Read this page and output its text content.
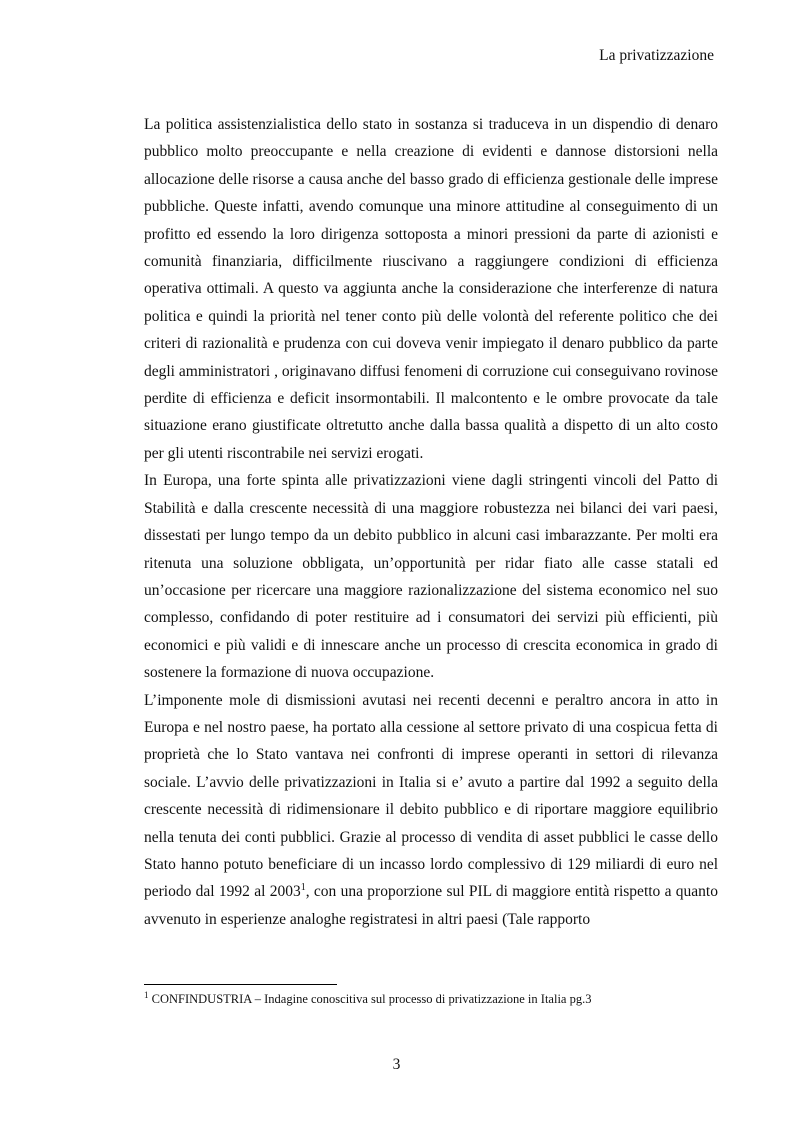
La privatizzazione

La politica assistenzialistica dello stato in sostanza si traduceva in un dispendio di denaro pubblico molto preoccupante e nella creazione di evidenti e dannose distorsioni nella allocazione delle risorse a causa anche del basso grado di efficienza gestionale delle imprese pubbliche. Queste infatti, avendo comunque una minore attitudine al conseguimento di un profitto ed essendo la loro dirigenza sottoposta a minori pressioni da parte di azionisti e comunità finanziaria, difficilmente riuscivano a raggiungere condizioni di efficienza operativa ottimali. A questo va aggiunta anche la considerazione che interferenze di natura politica e quindi la priorità nel tener conto più delle volontà del referente politico che dei criteri di razionalità e prudenza con cui doveva venir impiegato il denaro pubblico da parte degli amministratori , originavano diffusi fenomeni di corruzione cui conseguivano rovinose perdite di efficienza e deficit insormontabili. Il malcontento e le ombre provocate da tale situazione erano giustificate oltretutto anche dalla bassa qualità a dispetto di un alto costo per gli utenti riscontrabile nei servizi erogati.

In Europa, una forte spinta alle privatizzazioni viene dagli stringenti vincoli del Patto di Stabilità e dalla crescente necessità di una maggiore robustezza nei bilanci dei vari paesi, dissestati per lungo tempo da un debito pubblico in alcuni casi imbarazzante. Per molti era ritenuta una soluzione obbligata, un’opportunità per ridar fiato alle casse statali ed un’occasione per ricercare una maggiore razionalizzazione del sistema economico nel suo complesso, confidando di poter restituire ad i consumatori dei servizi più efficienti, più economici e più validi e di innescare anche un processo di crescita economica in grado di sostenere la formazione di nuova occupazione.

L’imponente mole di dismissioni avutasi nei recenti decenni e peraltro ancora in atto in Europa e nel nostro paese, ha portato alla cessione al settore privato di una cospicua fetta di proprietà che lo Stato vantava nei confronti di imprese operanti in settori di rilevanza sociale. L’avvio delle privatizzazioni in Italia si e’ avuto a partire dal 1992 a seguito della crescente necessità di ridimensionare il debito pubblico e di riportare maggiore equilibrio nella tenuta dei conti pubblici. Grazie al processo di vendita di asset pubblici le casse dello Stato hanno potuto beneficiare di un incasso lordo complessivo di 129 miliardi di euro nel periodo dal 1992 al 2003$^1$, con una proporzione sul PIL di maggiore entità rispetto a quanto avvenuto in esperienze analoghe registratesi in altri paesi (Tale rapporto

$^1$ CONFINDUSTRIA – Indagine conoscitiva sul processo di privatizzazione in Italia pg.3
3
